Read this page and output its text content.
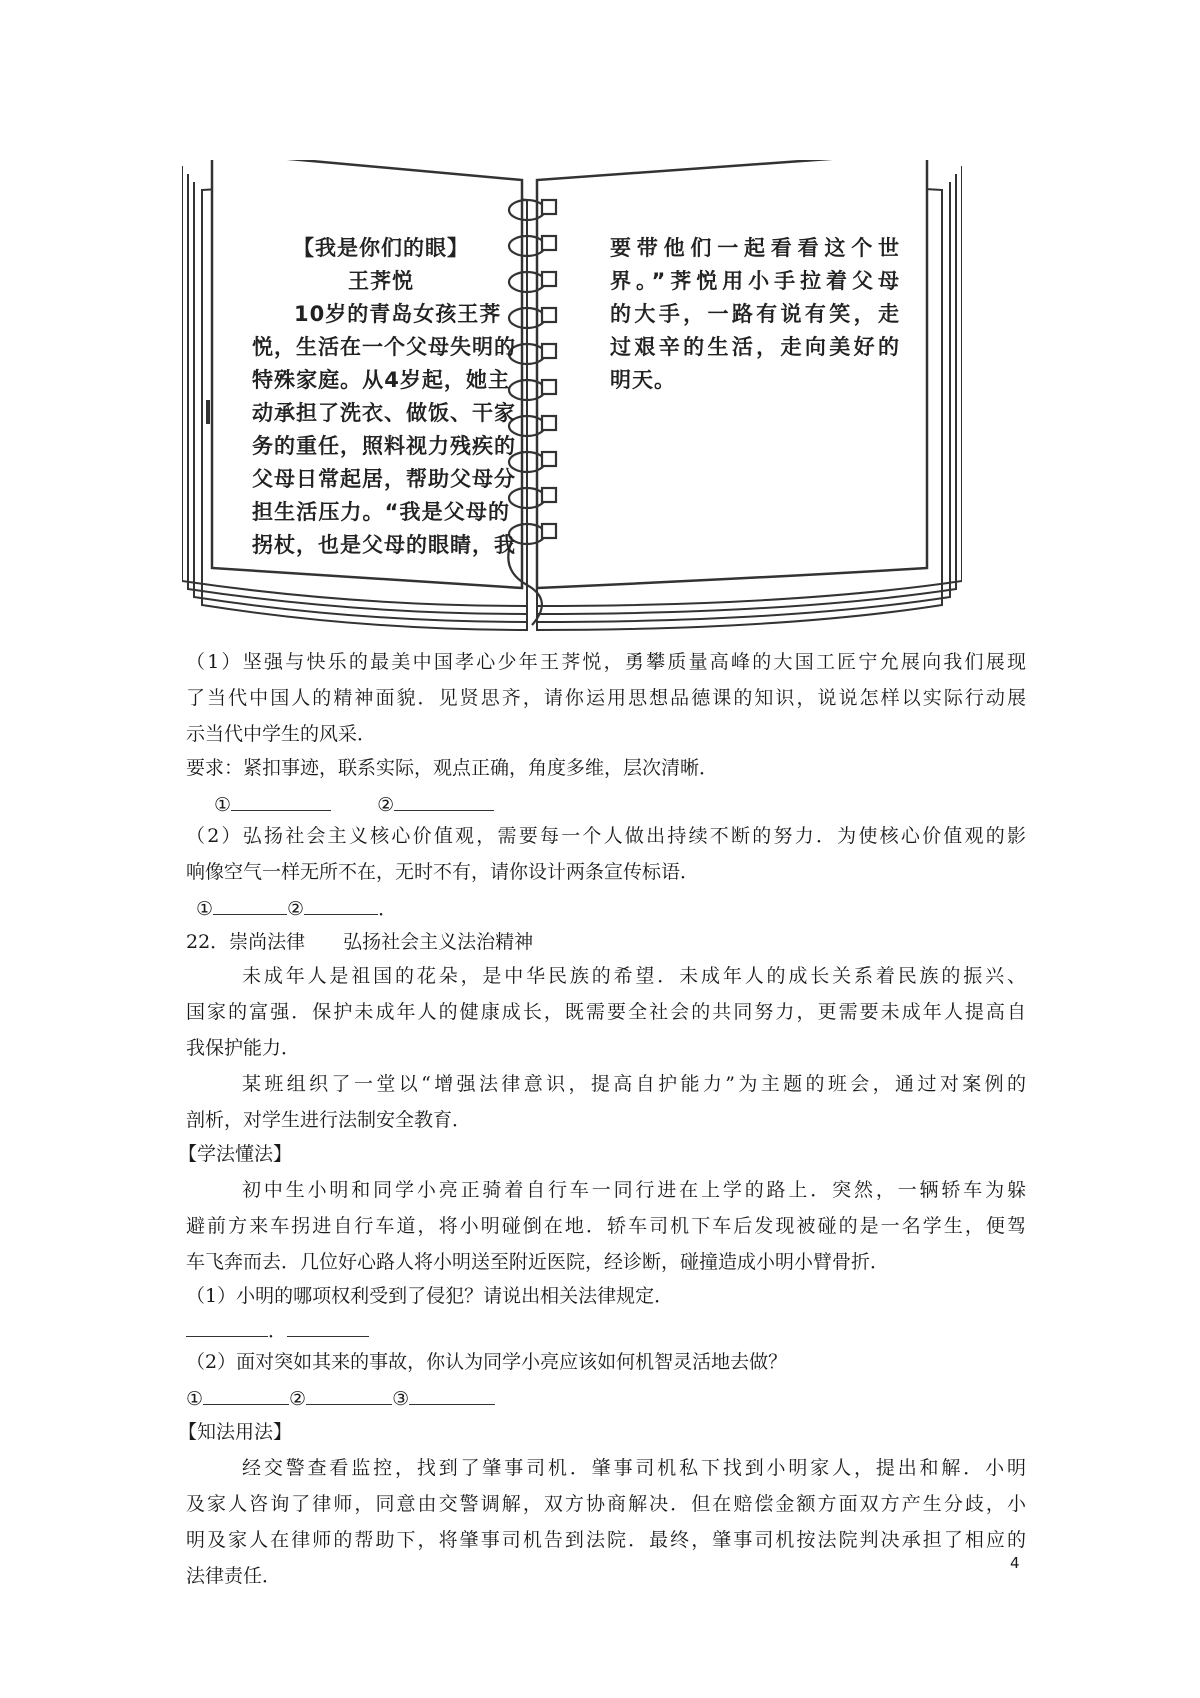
【我是你们的眼】
王荠悦
10岁的青岛女孩王荠
悦，生活在一个父母失明的
特殊家庭。从4岁起，她主
动承担了洗衣、做饭、干家
务的重任，照料视力残疾的
父母日常起居，帮助父母分
担生活压力。“我是父母的
拐杖，也是父母的眼睛，我
要带他们一起看看这个世
界。”荠悦用小手拉着父母
的大手，一路有说有笑，走
过艰辛的生活，走向美好的
明天。
（1）坚强与快乐的最美中国孝心少年王荠悦，勇攀质量高峰的大国工匠宁允展向我们展现
了当代中国人的精神面貌．见贤思齐，请你运用思想品德课的知识，说说怎样以实际行动展
示当代中学生的风采．
要求：紧扣事迹，联系实际，观点正确，角度多维，层次清晰．
①	②
（2）弘扬社会主义核心价值观，需要每一个人做出持续不断的努力．为使核心价值观的影
响像空气一样无所不在，无时不有，请你设计两条宣传标语．
①	②	．
22．崇尚法律　　弘扬社会主义法治精神
未成年人是祖国的花朵，是中华民族的希望．未成年人的成长关系着民族的振兴、
国家的富强．保护未成年人的健康成长，既需要全社会的共同努力，更需要未成年人提高自
我保护能力．
某班组织了一堂以“增强法律意识，提高自护能力”为主题的班会，通过对案例的
剖析，对学生进行法制安全教育．
【学法懂法】
初中生小明和同学小亮正骑着自行车一同行进在上学的路上．突然，一辆轿车为躲
避前方来车拐进自行车道，将小明碰倒在地．轿车司机下车后发现被碰的是一名学生，便驾
车飞奔而去．几位好心路人将小明送至附近医院，经诊断，碰撞造成小明小臂骨折．
（1）小明的哪项权利受到了侵犯？请说出相关法律规定．
．
（2）面对突如其来的事故，你认为同学小亮应该如何机智灵活地去做？
①	②	③
【知法用法】
经交警查看监控，找到了肇事司机．肇事司机私下找到小明家人，提出和解．小明
及家人咨询了律师，同意由交警调解，双方协商解决．但在赔偿金额方面双方产生分歧，小
明及家人在律师的帮助下，将肇事司机告到法院．最终，肇事司机按法院判决承担了相应的
法律责任．
4
